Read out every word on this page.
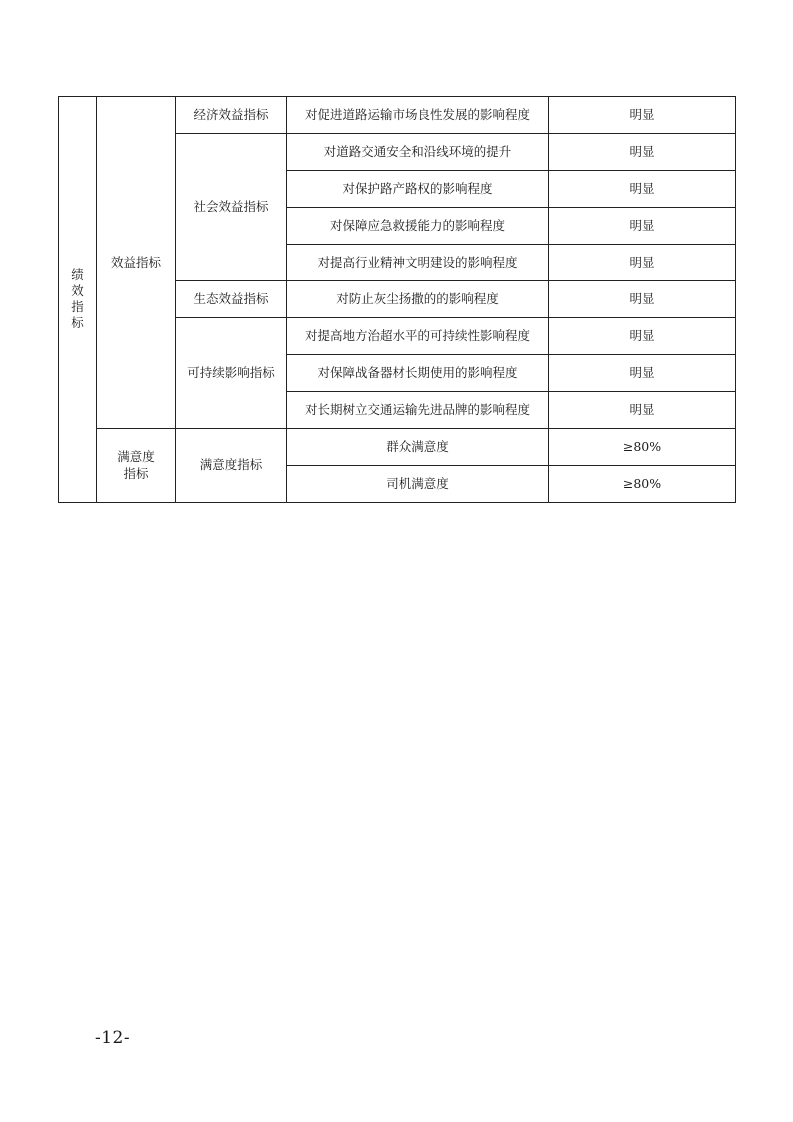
绩效指标	效益指标	经济效益指标	对促进道路运输市场良性发展的影响程度	明显
		社会效益指标	对道路交通安全和沿线环境的提升	明显
			对保护路产路权的影响程度	明显
			对保障应急救援能力的影响程度	明显
			对提高行业精神文明建设的影响程度	明显
		生态效益指标	对防止灰尘扬撒的的影响程度	明显
		可持续影响指标	对提高地方治超水平的可持续性影响程度	明显
			对保障战备器材长期使用的影响程度	明显
			对长期树立交通运输先进品牌的影响程度	明显
	满意度指标	满意度指标	群众满意度	≥80%
			司机满意度	≥80%
-12-
